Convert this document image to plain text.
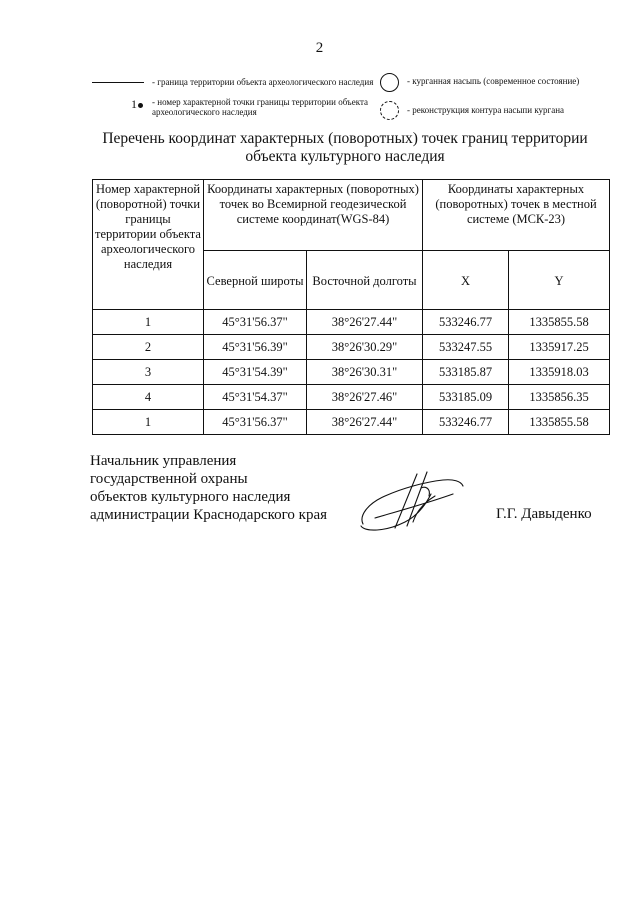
2
- граница территории объекта археологического наследия
1	- номер характерной точки границы территории объекта археологического наследия
- курганная насыпь (современное состояние)
- реконструкция контура насыпи кургана
Перечень координат характерных (поворотных) точек границ территории
объекта культурного наследия
Номер характерной (поворотной) точки границы территории объекта археологического наследия	Координаты характерных (поворотных) точек во Всемирной геодезической системе координат(WGS-84)		Координаты характерных (поворотных) точек в местной системе (МСК-23)	
	Северной широты	Восточной долготы	X	Y
1	45°31'56.37"	38°26'27.44"	533246.77	1335855.58
2	45°31'56.39"	38°26'30.29"	533247.55	1335917.25
3	45°31'54.39"	38°26'30.31"	533185.87	1335918.03
4	45°31'54.37"	38°26'27.46"	533185.09	1335856.35
1	45°31'56.37"	38°26'27.44"	533246.77	1335855.58
Начальник управления
государственной охраны
объектов культурного наследия
администрации Краснодарского края	Г.Г. Давыденко
